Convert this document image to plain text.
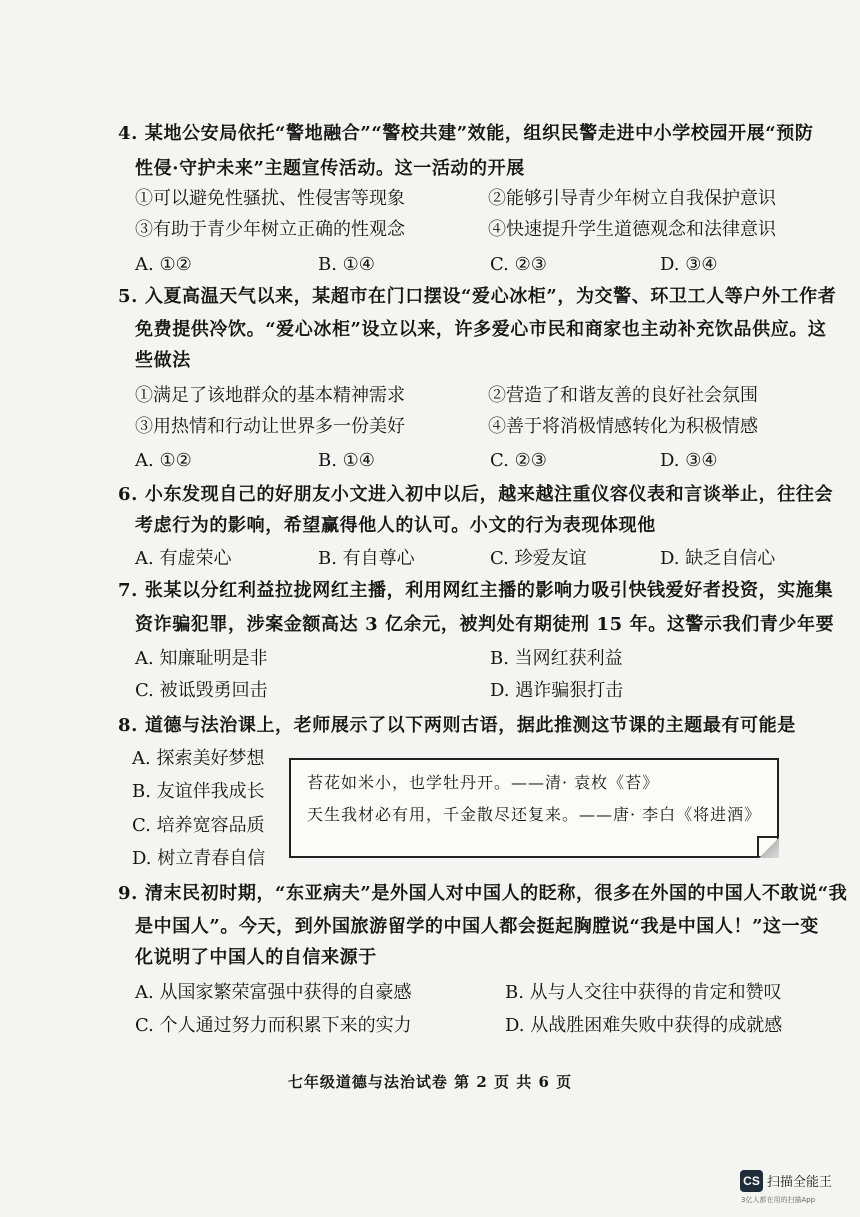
4. 某地公安局依托“警地融合”“警校共建”效能，组织民警走进中小学校园开展“预防
性侵·守护未来”主题宣传活动。这一活动的开展
①可以避免性骚扰、性侵害等现象	②能够引导青少年树立自我保护意识
③有助于青少年树立正确的性观念	④快速提升学生道德观念和法律意识
A. ①②	B. ①④	C. ②③	D. ③④
5. 入夏高温天气以来，某超市在门口摆设“爱心冰柜”，为交警、环卫工人等户外工作者
免费提供冷饮。“爱心冰柜”设立以来，许多爱心市民和商家也主动补充饮品供应。这
些做法
①满足了该地群众的基本精神需求	②营造了和谐友善的良好社会氛围
③用热情和行动让世界多一份美好	④善于将消极情感转化为积极情感
A. ①②	B. ①④	C. ②③	D. ③④
6. 小东发现自己的好朋友小文进入初中以后，越来越注重仪容仪表和言谈举止，往往会
考虑行为的影响，希望赢得他人的认可。小文的行为表现体现他
A. 有虚荣心	B. 有自尊心	C. 珍爱友谊	D. 缺乏自信心
7. 张某以分红利益拉拢网红主播，利用网红主播的影响力吸引快钱爱好者投资，实施集
资诈骗犯罪，涉案金额高达 3 亿余元，被判处有期徒刑 15 年。这警示我们青少年要
A. 知廉耻明是非	B. 当网红获利益
C. 被诋毁勇回击	D. 遇诈骗狠打击
8. 道德与法治课上，老师展示了以下两则古语，据此推测这节课的主题最有可能是
A. 探索美好梦想
B. 友谊伴我成长
C. 培养宽容品质
D. 树立青春自信
苔花如米小，也学牡丹开。——清· 袁枚《苔》
天生我材必有用，千金散尽还复来。——唐· 李白《将进酒》
9. 清末民初时期，“东亚病夫”是外国人对中国人的眨称，很多在外国的中国人不敢说“我
是中国人”。今天，到外国旅游留学的中国人都会挺起胸膛说“我是中国人！”这一变
化说明了中国人的自信来源于
A. 从国家繁荣富强中获得的自豪感	B. 从与人交往中获得的肯定和赞叹
C. 个人通过努力而积累下来的实力	D. 从战胜困难失败中获得的成就感
七年级道德与法治试卷 第 2 页 共 6 页
CS 扫描全能王
3亿人都在用的扫描App
